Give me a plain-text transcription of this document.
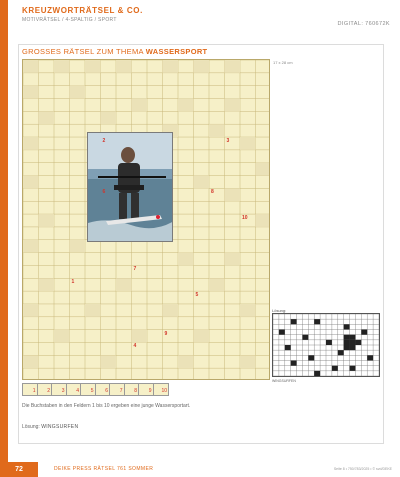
KREUZWORTRÄTSEL & CO.
MOTIVRÄTSEL / 4-SPALTIG / SPORT
DIGITAL: 760672K
GROSSES RÄTSEL ZUM THEMA WASSERSPORT
17 x 28 cm
2	3
6	8
7
1
5
9
4
10
1	2	3	4	5	6	7	8	9	10
Die Buchstaben in den Feldern 1 bis 10 ergeben eine junge Wassersportart.
Lösung: WINGSURFEN
Lösung:
WINGSURFEN
72	DEIKE PRESS RÄTSEL 761 SOMMER	Seite 8 • 750/783/2025 • © svd/DEKE
